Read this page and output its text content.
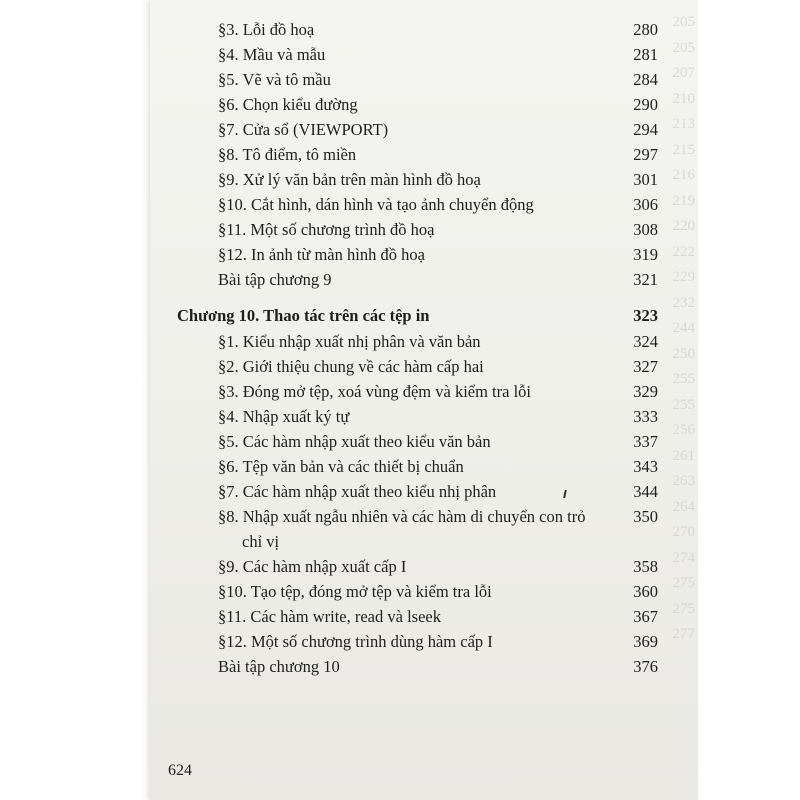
205
205
207
210
213
215
216
219
220
222
229
232
244
250
255
255
256
261
263
264
270
274
275
275
277
§3. Lỗi đồ hoạ	280
§4. Mầu và mẫu	281
§5. Vẽ và tô mầu	284
§6. Chọn kiểu đường	290
§7. Cửa sổ (VIEWPORT)	294
§8. Tô điểm, tô miền	297
§9. Xử lý văn bản trên màn hình đồ hoạ	301
§10. Cắt hình, dán hình và tạo ảnh chuyển động	306
§11. Một số chương trình đồ hoạ	308
§12. In ảnh từ màn hình đồ hoạ	319
Bài tập chương 9	321
Chương 10. Thao tác trên các tệp in	323
§1. Kiểu nhập xuất nhị phân và văn bản	324
§2. Giới thiệu chung về các hàm cấp hai	327
§3. Đóng mở tệp, xoá vùng đệm và kiểm tra lỗi	329
§4. Nhập xuất ký tự	333
§5. Các hàm nhập xuất theo kiểu văn bản	337
§6. Tệp văn bản và các thiết bị chuẩn	343
§7. Các hàm nhập xuất theo kiểu nhị phân	344
§8. Nhập xuất ngẫu nhiên và các hàm di chuyển con trỏ	350
chỉ vị
§9. Các hàm nhập xuất cấp I	358
§10. Tạo tệp, đóng mở tệp và kiểm tra lỗi	360
§11. Các hàm write, read và lseek	367
§12. Một số chương trình dùng hàm cấp I	369
Bài tập chương 10	376
624
